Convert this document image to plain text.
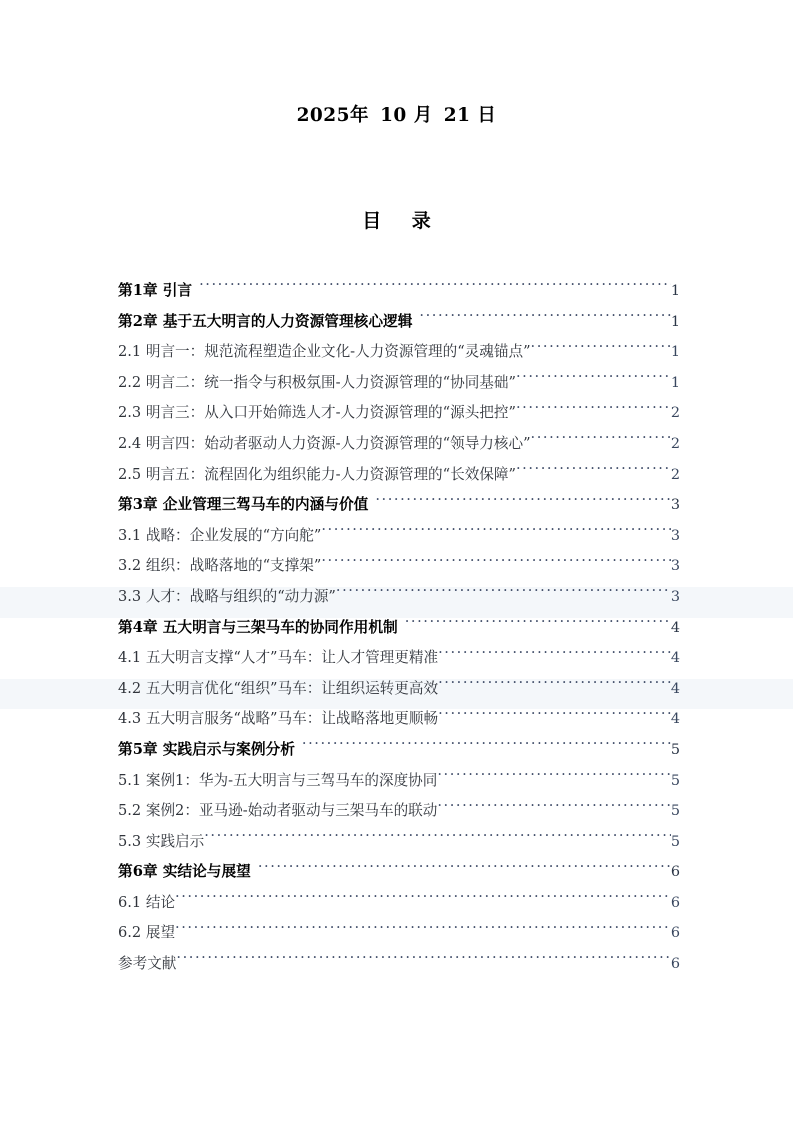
2025年 10 月 21 日
目 录
第1章 引言 ·····	1
第2章 基于五大明言的人力资源管理核心逻辑 ·····	1
2.1 明言一：规范流程塑造企业文化-人力资源管理的“灵魂锚点” ·····	1
2.2 明言二：统一指令与积极氛围-人力资源管理的“协同基础” ·····	1
2.3 明言三：从入口开始筛选人才-人力资源管理的“源头把控” ·····	2
2.4 明言四：始动者驱动人力资源-人力资源管理的“领导力核心” ·····	2
2.5 明言五：流程固化为组织能力-人力资源管理的“长效保障” ·····	2
第3章 企业管理三驾马车的内涵与价值 ·····	3
3.1 战略：企业发展的“方向舵” ·····	3
3.2 组织：战略落地的“支撑架” ·····	3
3.3 人才：战略与组织的“动力源” ·····	3
第4章 五大明言与三架马车的协同作用机制 ·····	4
4.1 五大明言支撑“人才”马车：让人才管理更精准 ·····	4
4.2 五大明言优化“组织”马车：让组织运转更高效 ·····	4
4.3 五大明言服务“战略”马车：让战略落地更顺畅 ·····	4
第5章 实践启示与案例分析 ·····	5
5.1 案例1：华为-五大明言与三驾马车的深度协同 ·····	5
5.2 案例2：亚马逊-始动者驱动与三架马车的联动 ·····	5
5.3 实践启示 ·····	5
第6章 实结论与展望 ·····	6
6.1 结论 ·····	6
6.2 展望 ·····	6
参考文献 ·····	6
